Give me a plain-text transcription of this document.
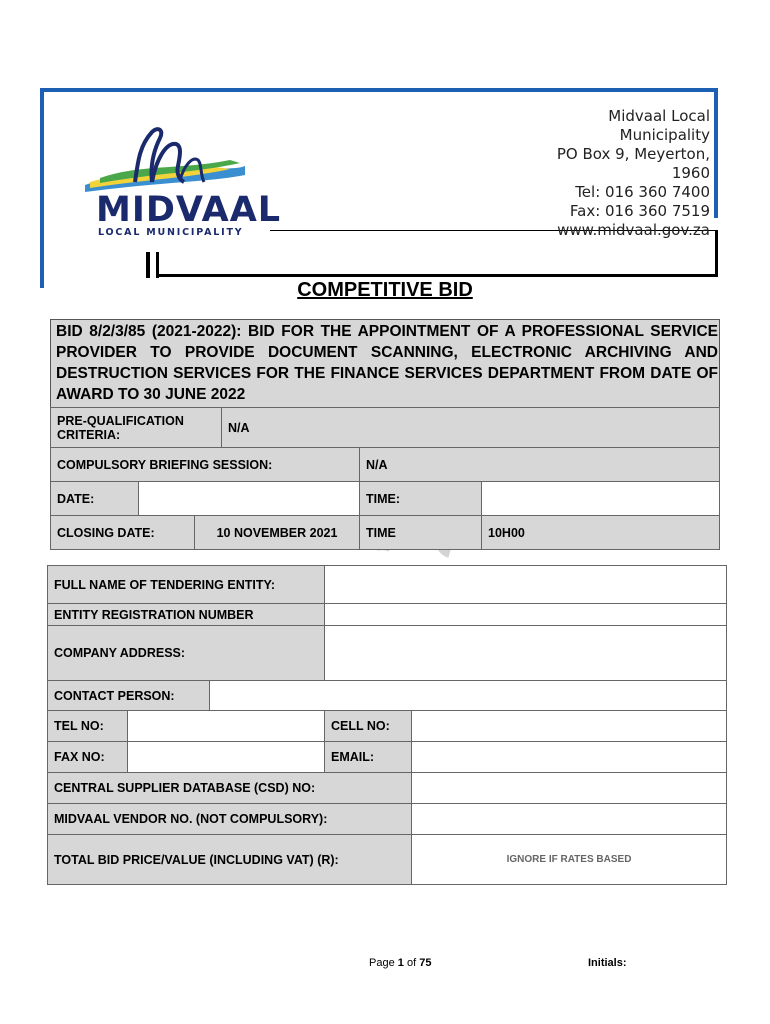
MIDVAAL
LOCAL MUNICIPALITY
Midvaal Local Municipality
PO Box 9, Meyerton, 1960
Tel: 016 360 7400
Fax: 016 360 7519
www.midvaal.gov.za
COMPETITIVE BID
BID 8/2/3/85 (2021-2022): BID FOR THE APPOINTMENT OF A PROFESSIONAL SERVICE PROVIDER TO PROVIDE DOCUMENT SCANNING, ELECTRONIC ARCHIVING AND DESTRUCTION SERVICES FOR THE FINANCE SERVICES DEPARTMENT FROM DATE OF AWARD TO 30 JUNE 2022
PRE-QUALIFICATION CRITERIA:			N/A		
COMPULSORY BRIEFING SESSION:				N/A	
DATE:				TIME:	
CLOSING DATE:		10 NOVEMBER 2021		TIME	10H00
FULL NAME OF TENDERING ENTITY:				
ENTITY REGISTRATION NUMBER				
COMPANY ADDRESS:				
CONTACT PERSON:				
TEL NO:			CELL NO:	
FAX NO:			EMAIL:	
CENTRAL SUPPLIER DATABASE (CSD) NO:				
MIDVAAL VENDOR NO. (NOT COMPULSORY):				
TOTAL BID PRICE/VALUE (INCLUDING VAT) (R):				IGNORE IF RATES BASED
Page 1 of 75	Initials:
